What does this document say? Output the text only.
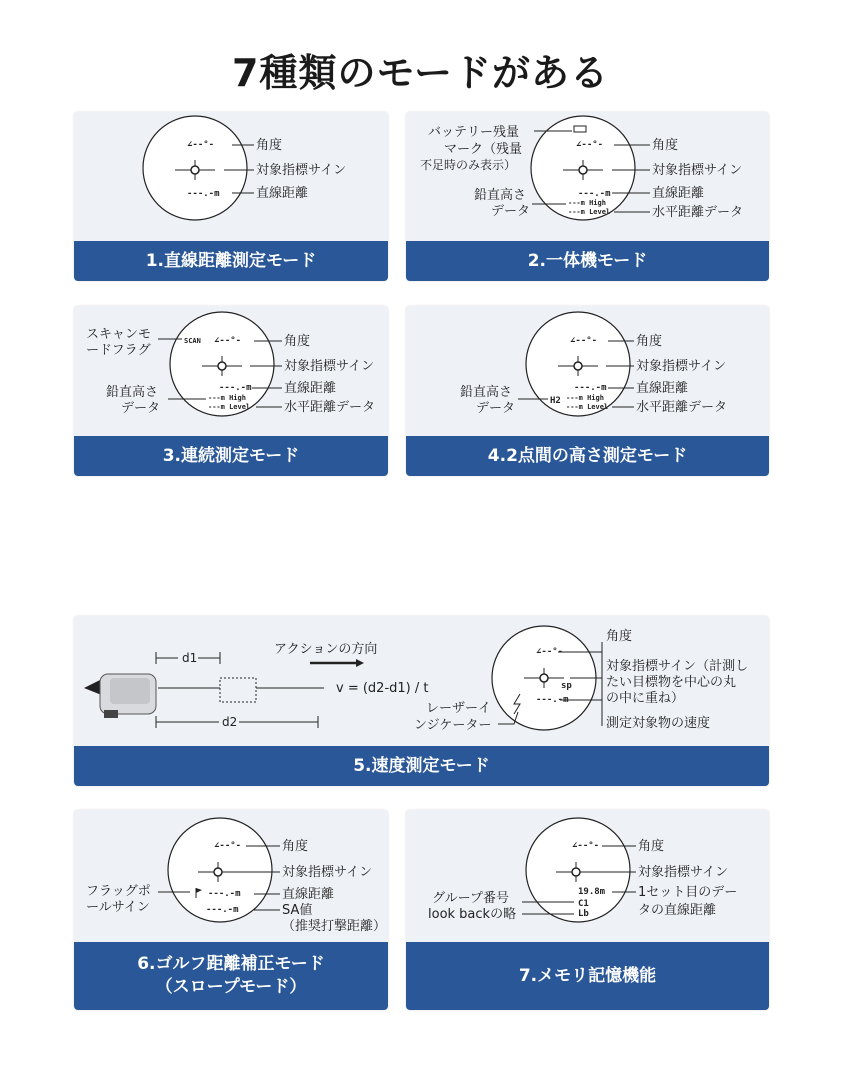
7種類のモードがある
∠--°-
---.-m
角度
対象指標サイン
直線距離
1.直線距離測定モード
∠--°-
---.-m
---m High
---m Level
バッテリー残量
マーク（残量
不足時のみ表示）
鉛直高さ
データ
角度
対象指標サイン
直線距離
水平距離データ
2.一体機モード
SCAN ∠--°-
---.-m
---m High
---m Level
スキャンモ
ードフラグ
鉛直高さ
データ
角度
対象指標サイン
直線距離
水平距離データ
3.連続測定モード
∠--°-
---.-m
H2 ---m High
---m Level
鉛直高さ
データ
角度
対象指標サイン
直線距離
水平距離データ
4.2点間の高さ測定モード
d1
d2
アクションの方向
v = (d2-d1) / t
∠--°-
sp
---.-m
レーザーイ
ンジケーター
角度
対象指標サイン（計測し
たい目標物を中心の丸
の中に重ね）
測定対象物の速度
5.速度測定モード
∠--°-
---.-m
---.-m
フラッグポ
ールサイン
角度
対象指標サイン
直線距離
SA値
（推奨打撃距離）
6.ゴルフ距離補正モード
（スロープモード）
∠--°-
19.8m
C1
Lb
グループ番号
look backの略
角度
対象指標サイン
1セット目のデー
タの直線距離
7.メモリ記憶機能
